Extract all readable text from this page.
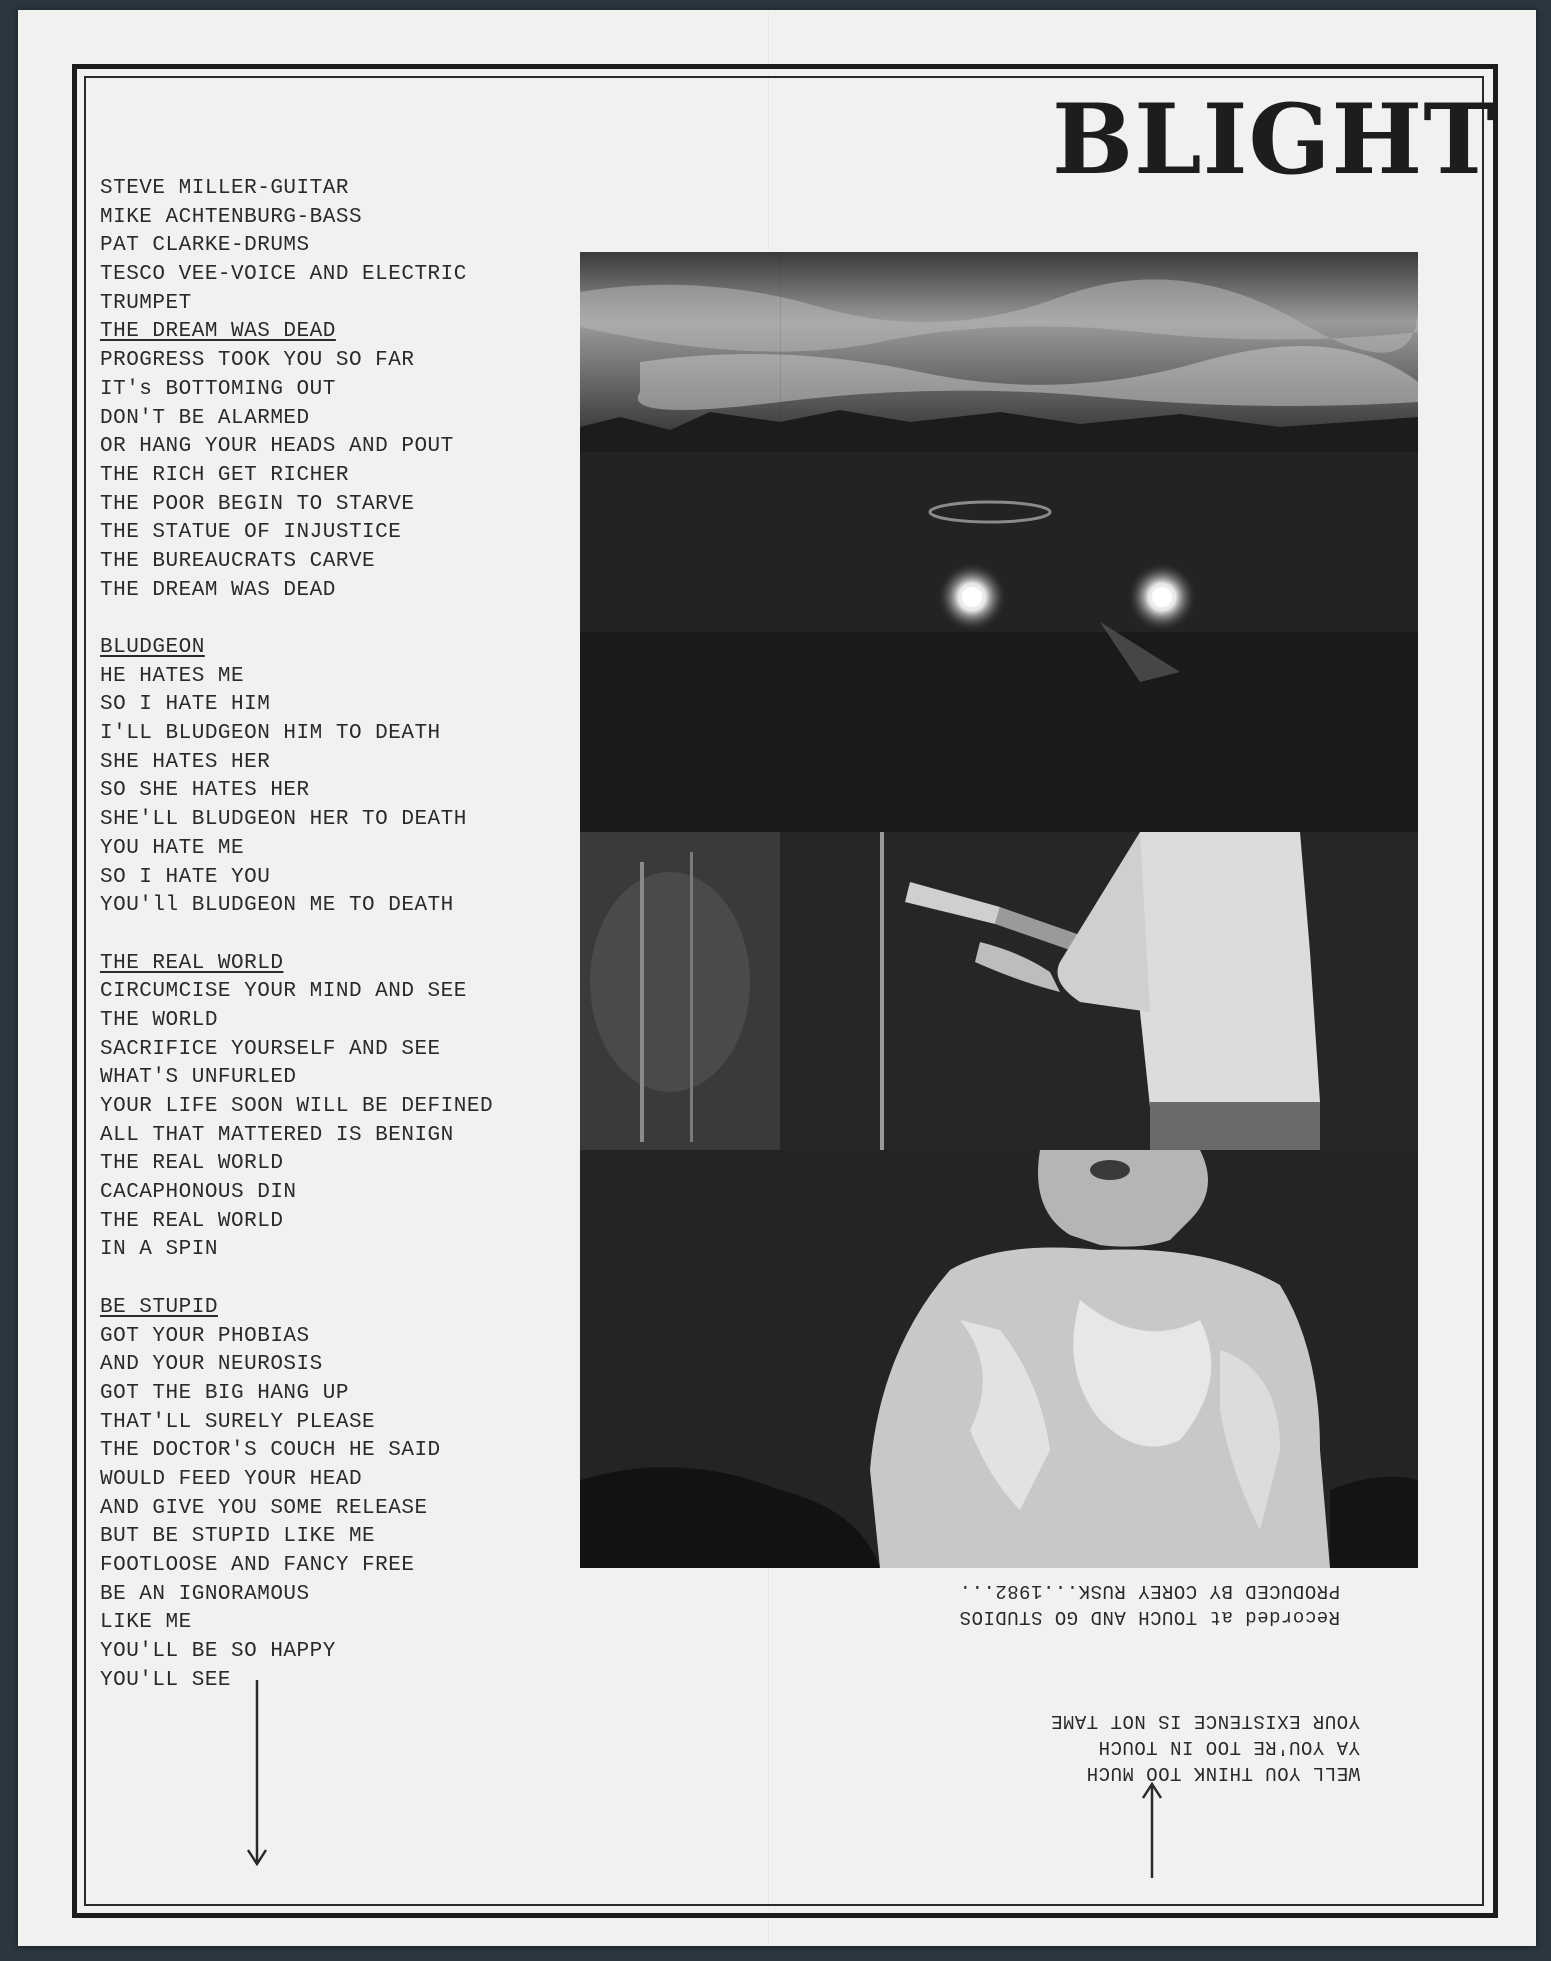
BLIGHT
STEVE MILLER-GUITAR
MIKE ACHTENBURG-BASS
PAT CLARKE-DRUMS
TESCO VEE-VOICE AND ELECTRIC
TRUMPET
THE DREAM WAS DEAD
PROGRESS TOOK YOU SO FAR
IT's BOTTOMING OUT
DON'T BE ALARMED
OR HANG YOUR HEADS AND POUT
THE RICH GET RICHER
THE POOR BEGIN TO STARVE
THE STATUE OF INJUSTICE
THE BUREAUCRATS CARVE
THE DREAM WAS DEAD
BLUDGEON
HE HATES ME
SO I HATE HIM
I'LL BLUDGEON HIM TO DEATH
SHE HATES HER
SO SHE HATES HER
SHE'LL BLUDGEON HER TO DEATH
YOU HATE ME
SO I HATE YOU
YOU'll BLUDGEON ME TO DEATH
THE REAL WORLD
CIRCUMCISE YOUR MIND AND SEE
THE WORLD
SACRIFICE YOURSELF AND SEE
WHAT'S UNFURLED
YOUR LIFE SOON WILL BE DEFINED
ALL THAT MATTERED IS BENIGN
THE REAL WORLD
CACAPHONOUS DIN
THE REAL WORLD
IN A SPIN
BE STUPID
GOT YOUR PHOBIAS
AND YOUR NEUROSIS
GOT THE BIG HANG UP
THAT'LL SURELY PLEASE
THE DOCTOR'S COUCH HE SAID
WOULD FEED YOUR HEAD
AND GIVE YOU SOME RELEASE
BUT BE STUPID LIKE ME
FOOTLOOSE AND FANCY FREE
BE AN IGNORAMOUS
LIKE ME
YOU'LL BE SO HAPPY
YOU'LL SEE
Recorded at TOUCH AND GO STUDIOS
PRODUCED BY COREY RUSK...1982...
WELL YOU THINK TOO MUCH
YA YOU'RE TOO IN TOUCH
YOUR EXISTENCE IS NOT TAME
